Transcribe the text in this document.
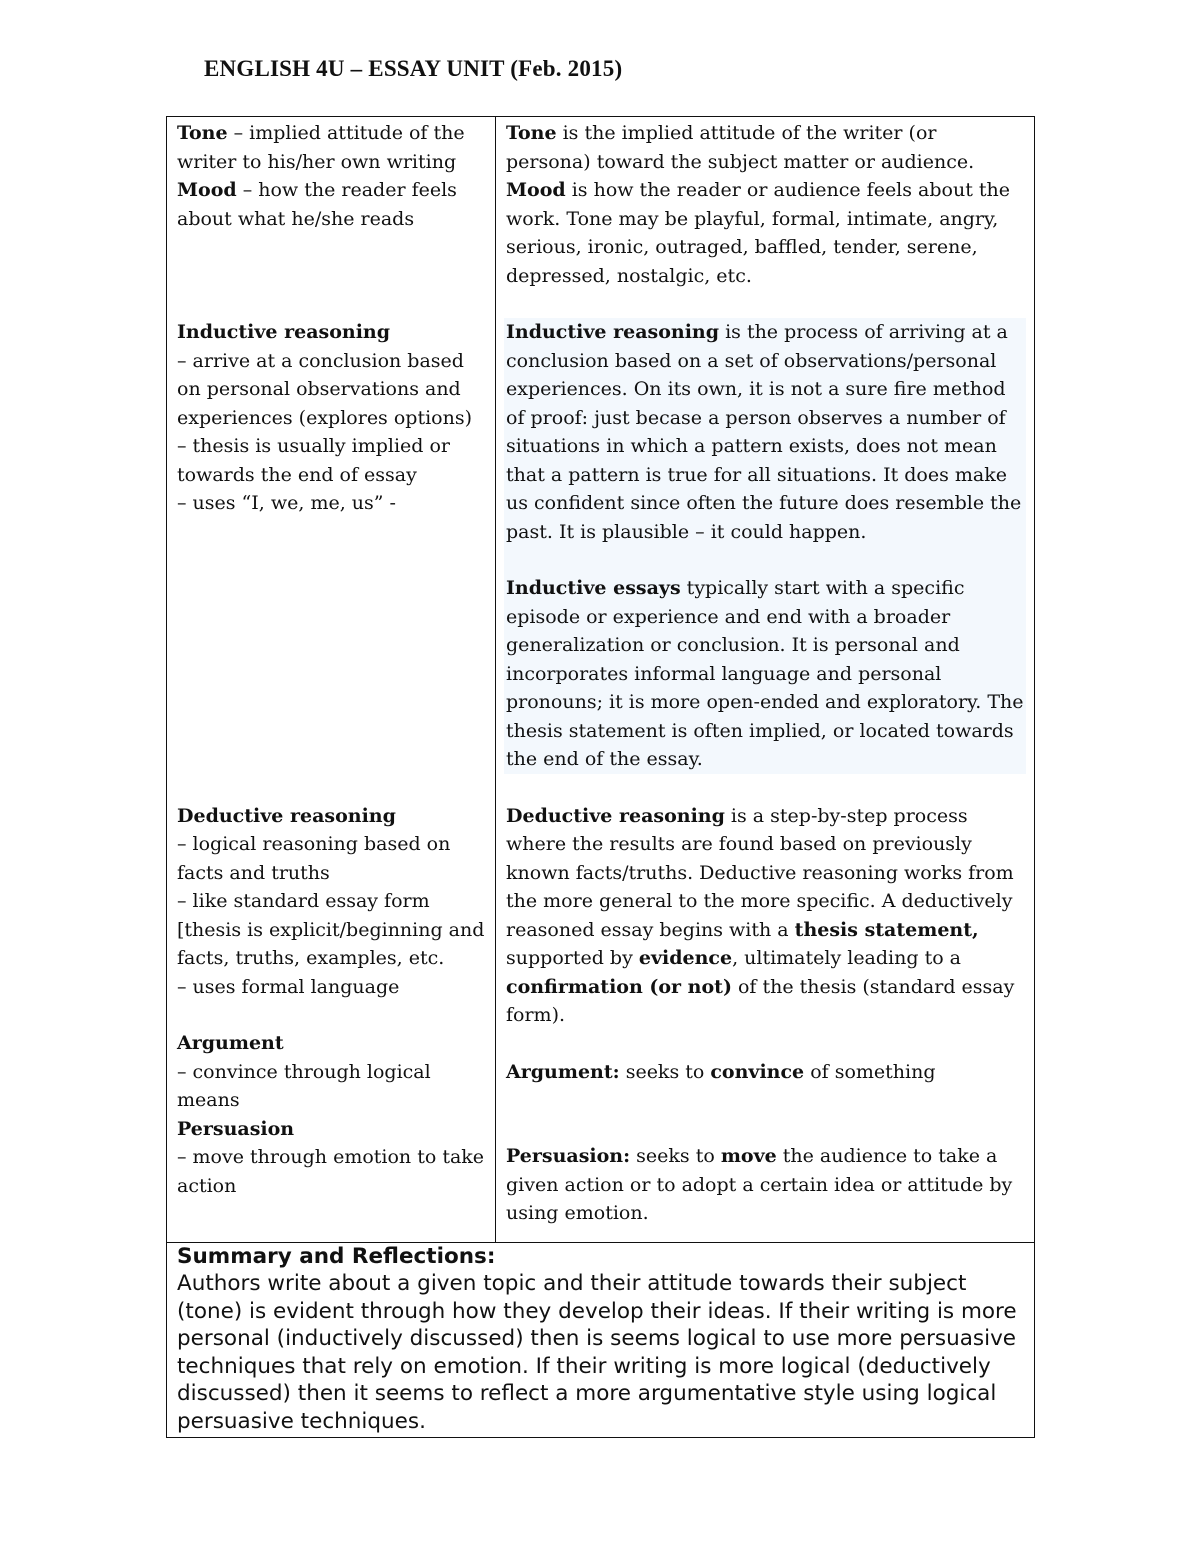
ENGLISH 4U – ESSAY UNIT (Feb. 2015)
Tone – implied attitude of the writer to his/her own writing
Mood – how the reader feels about what he/she reads
Inductive reasoning
– arrive at a conclusion based on personal observations and experiences (explores options)
– thesis is usually implied or towards the end of essay
– uses “I, we, me, us” -
Deductive reasoning
– logical reasoning based on facts and truths
– like standard essay form [thesis is explicit/beginning and facts, truths, examples, etc.
– uses formal language
Argument
– convince through logical means
Persuasion
– move through emotion to take action
Tone is the implied attitude of the writer (or persona) toward the subject matter or audience.
Mood is how the reader or audience feels about the work. Tone may be playful, formal, intimate, angry, serious, ironic, outraged, baffled, tender, serene, depressed, nostalgic, etc.
Inductive reasoning is the process of arriving at a conclusion based on a set of observations/personal experiences. On its own, it is not a sure fire method of proof: just becase a person observes a number of situations in which a pattern exists, does not mean that a pattern is true for all situations. It does make us confident since often the future does resemble the past. It is plausible – it could happen.
Inductive essays typically start with a specific episode or experience and end with a broader generalization or conclusion. It is personal and incorporates informal language and personal pronouns; it is more open-ended and exploratory. The thesis statement is often implied, or located towards the end of the essay.
Deductive reasoning is a step-by-step process where the results are found based on previously known facts/truths. Deductive reasoning works from the more general to the more specific. A deductively reasoned essay begins with a thesis statement, supported by evidence, ultimately leading to a confirmation (or not) of the thesis (standard essay form).
Argument: seeks to convince of something
Persuasion: seeks to move the audience to take a given action or to adopt a certain idea or attitude by using emotion.
Summary and Reflections:
Authors write about a given topic and their attitude towards their subject (tone) is evident through how they develop their ideas. If their writing is more personal (inductively discussed) then is seems logical to use more persuasive techniques that rely on emotion. If their writing is more logical (deductively discussed) then it seems to reflect a more argumentative style using logical persuasive techniques.
